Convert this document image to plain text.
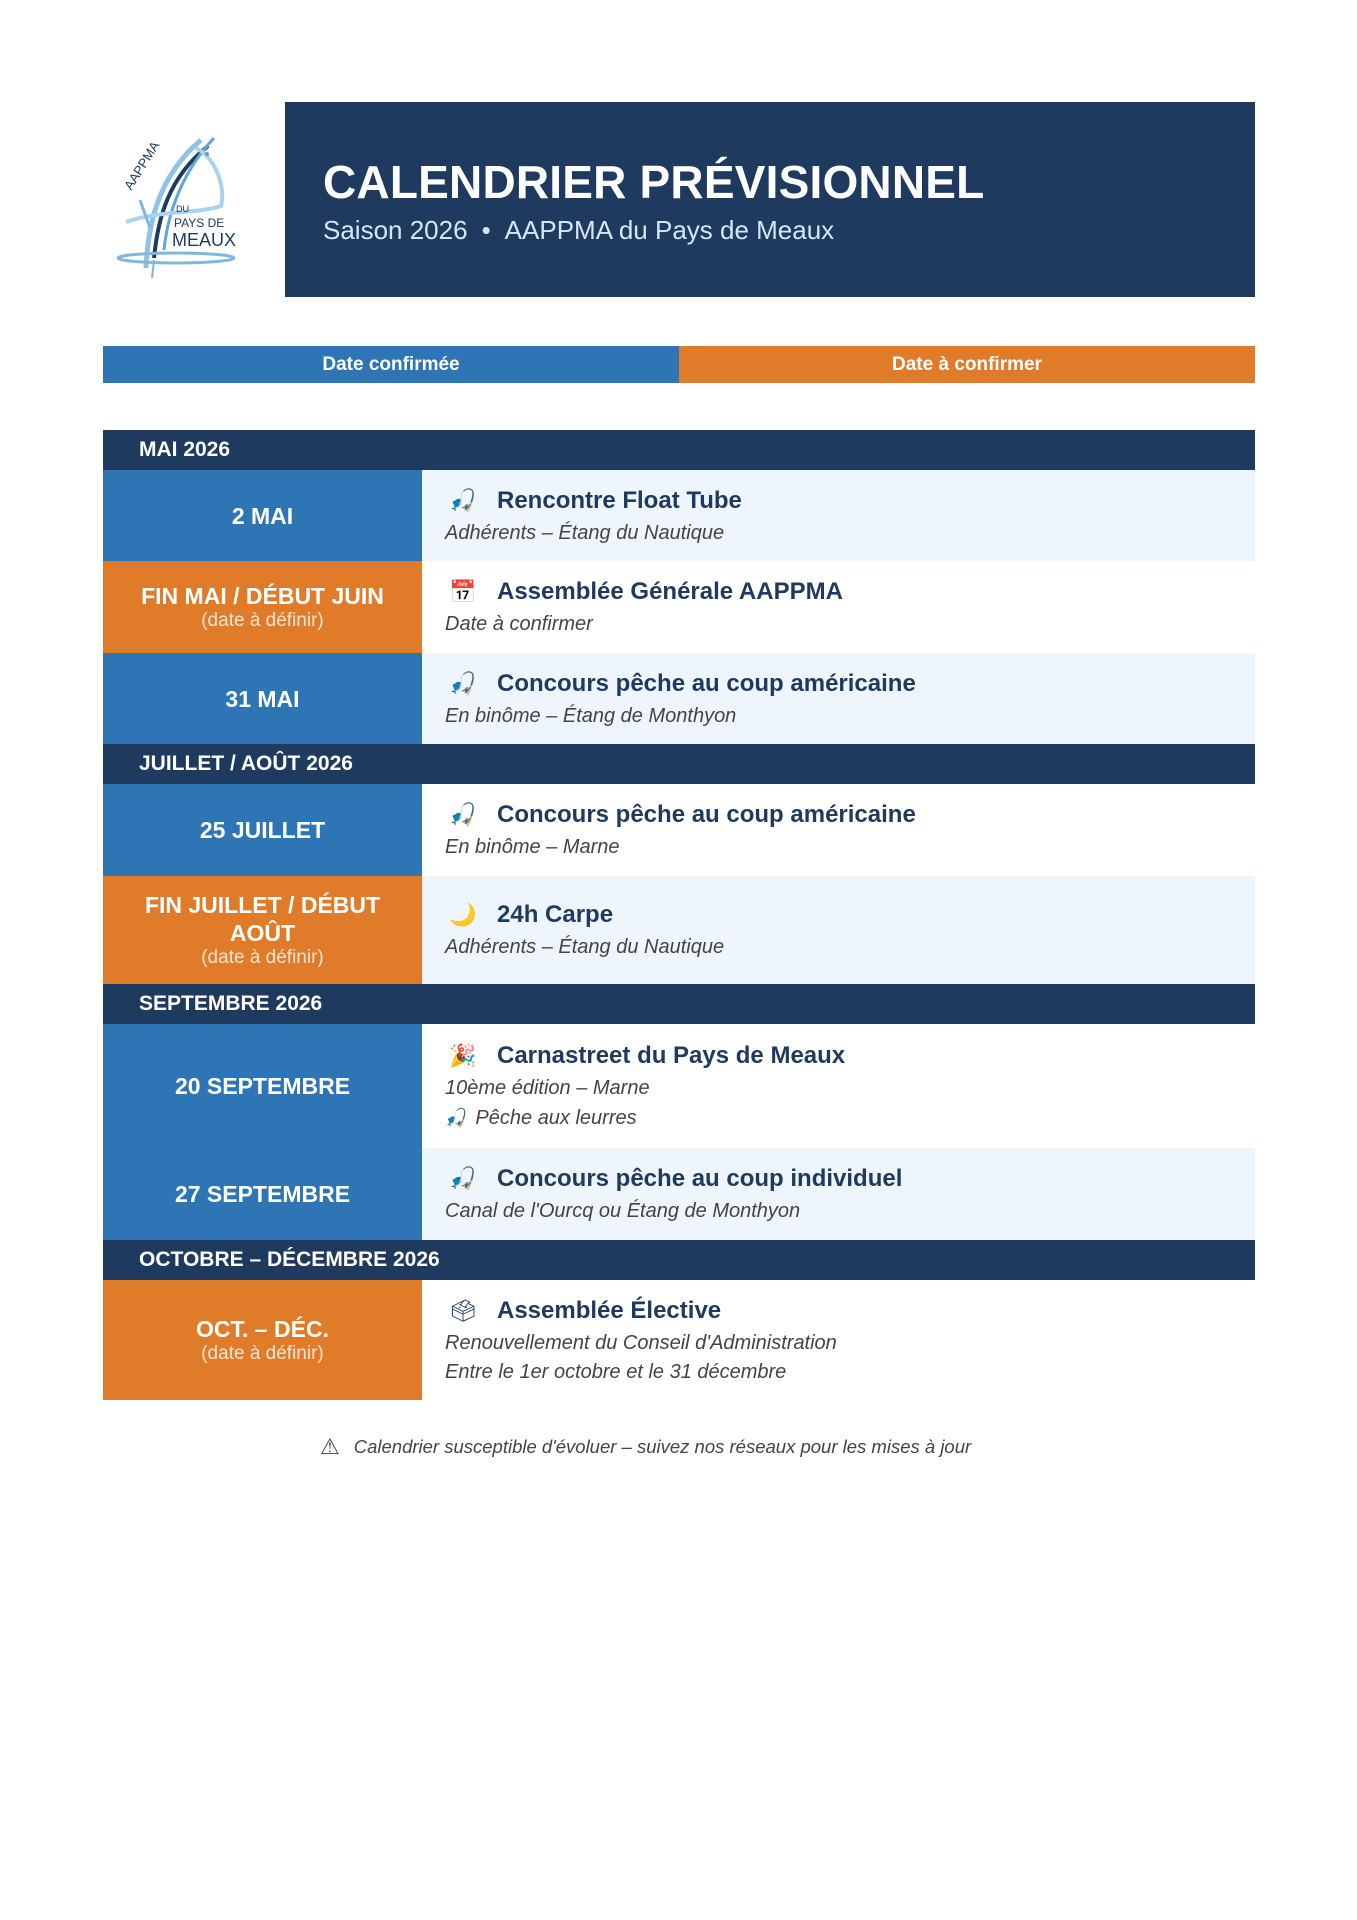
AAPPMA
DU
PAYS DE
MEAUX
CALENDRIER PRÉVISIONNEL
Saison 2026 • AAPPMA du Pays de Meaux
Date confirmée	Date à confirmer
MAI 2026
2 MAI
🎣 Rencontre Float Tube
Adhérents – Étang du Nautique
FIN MAI / DÉBUT JUIN
(date à définir)
📅 Assemblée Générale AAPPMA
Date à confirmer
31 MAI
🎣 Concours pêche au coup américaine
En binôme – Étang de Monthyon
JUILLET / AOÛT 2026
25 JUILLET
🎣 Concours pêche au coup américaine
En binôme – Marne
FIN JUILLET / DÉBUT AOÛT
(date à définir)
🌙 24h Carpe
Adhérents – Étang du Nautique
SEPTEMBRE 2026
20 SEPTEMBRE
🎉 Carnastreet du Pays de Meaux
10ème édition – Marne
🎣 Pêche aux leurres
27 SEPTEMBRE
🎣 Concours pêche au coup individuel
Canal de l'Ourcq ou Étang de Monthyon
OCTOBRE – DÉCEMBRE 2026
OCT. – DÉC.
(date à définir)
🗳 Assemblée Élective
Renouvellement du Conseil d'Administration
Entre le 1er octobre et le 31 décembre
⚠ Calendrier susceptible d'évoluer – suivez nos réseaux pour les mises à jour
